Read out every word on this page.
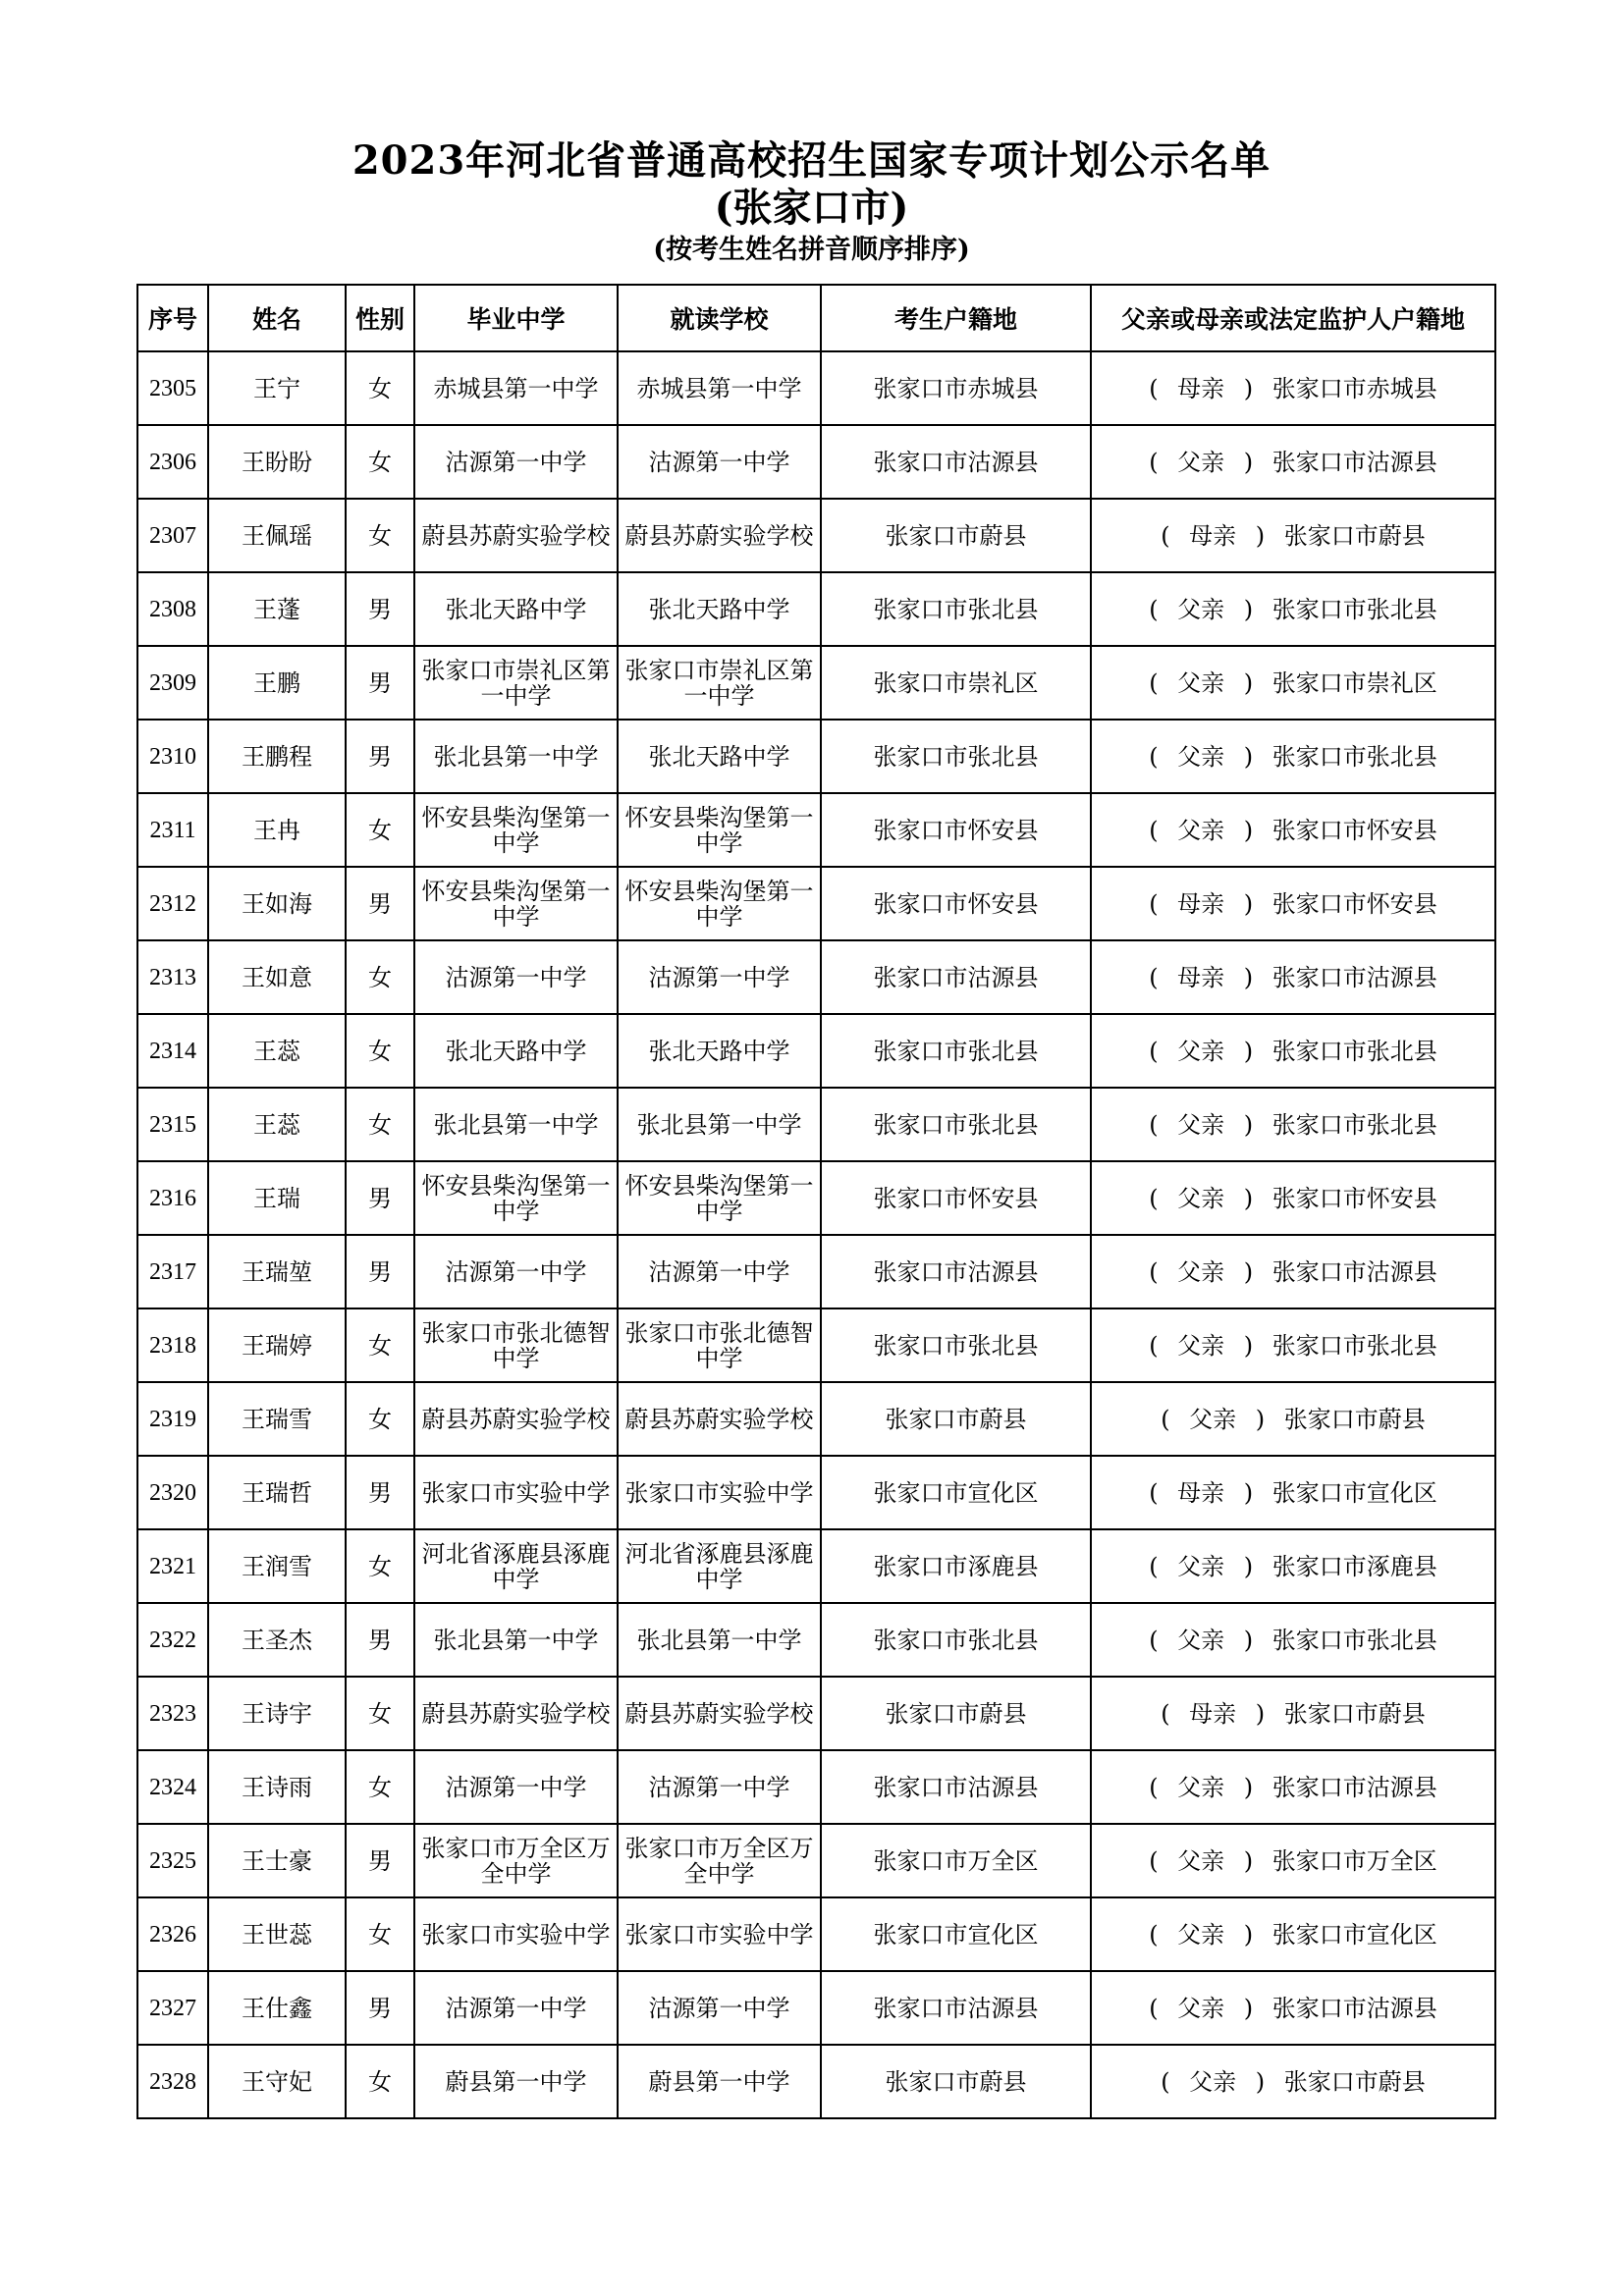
2023年河北省普通高校招生国家专项计划公示名单
(张家口市)
(按考生姓名拼音顺序排序)
序号	姓名	性别	毕业中学	就读学校	考生户籍地	父亲或母亲或法定监护人户籍地
2305	王宁	女	赤城县第一中学	赤城县第一中学	张家口市赤城县	( 母亲 ) 张家口市赤城县
2306	王盼盼	女	沽源第一中学	沽源第一中学	张家口市沽源县	( 父亲 ) 张家口市沽源县
2307	王佩瑶	女	蔚县苏蔚实验学校	蔚县苏蔚实验学校	张家口市蔚县	( 母亲 ) 张家口市蔚县
2308	王蓬	男	张北天路中学	张北天路中学	张家口市张北县	( 父亲 ) 张家口市张北县
2309	王鹏	男	张家口市崇礼区第一中学	张家口市崇礼区第一中学	张家口市崇礼区	( 父亲 ) 张家口市崇礼区
2310	王鹏程	男	张北县第一中学	张北天路中学	张家口市张北县	( 父亲 ) 张家口市张北县
2311	王冉	女	怀安县柴沟堡第一中学	怀安县柴沟堡第一中学	张家口市怀安县	( 父亲 ) 张家口市怀安县
2312	王如海	男	怀安县柴沟堡第一中学	怀安县柴沟堡第一中学	张家口市怀安县	( 母亲 ) 张家口市怀安县
2313	王如意	女	沽源第一中学	沽源第一中学	张家口市沽源县	( 母亲 ) 张家口市沽源县
2314	王蕊	女	张北天路中学	张北天路中学	张家口市张北县	( 父亲 ) 张家口市张北县
2315	王蕊	女	张北县第一中学	张北县第一中学	张家口市张北县	( 父亲 ) 张家口市张北县
2316	王瑞	男	怀安县柴沟堡第一中学	怀安县柴沟堡第一中学	张家口市怀安县	( 父亲 ) 张家口市怀安县
2317	王瑞堃	男	沽源第一中学	沽源第一中学	张家口市沽源县	( 父亲 ) 张家口市沽源县
2318	王瑞婷	女	张家口市张北德智中学	张家口市张北德智中学	张家口市张北县	( 父亲 ) 张家口市张北县
2319	王瑞雪	女	蔚县苏蔚实验学校	蔚县苏蔚实验学校	张家口市蔚县	( 父亲 ) 张家口市蔚县
2320	王瑞哲	男	张家口市实验中学	张家口市实验中学	张家口市宣化区	( 母亲 ) 张家口市宣化区
2321	王润雪	女	河北省涿鹿县涿鹿中学	河北省涿鹿县涿鹿中学	张家口市涿鹿县	( 父亲 ) 张家口市涿鹿县
2322	王圣杰	男	张北县第一中学	张北县第一中学	张家口市张北县	( 父亲 ) 张家口市张北县
2323	王诗宇	女	蔚县苏蔚实验学校	蔚县苏蔚实验学校	张家口市蔚县	( 母亲 ) 张家口市蔚县
2324	王诗雨	女	沽源第一中学	沽源第一中学	张家口市沽源县	( 父亲 ) 张家口市沽源县
2325	王士豪	男	张家口市万全区万全中学	张家口市万全区万全中学	张家口市万全区	( 父亲 ) 张家口市万全区
2326	王世蕊	女	张家口市实验中学	张家口市实验中学	张家口市宣化区	( 父亲 ) 张家口市宣化区
2327	王仕鑫	男	沽源第一中学	沽源第一中学	张家口市沽源县	( 父亲 ) 张家口市沽源县
2328	王守妃	女	蔚县第一中学	蔚县第一中学	张家口市蔚县	( 父亲 ) 张家口市蔚县
